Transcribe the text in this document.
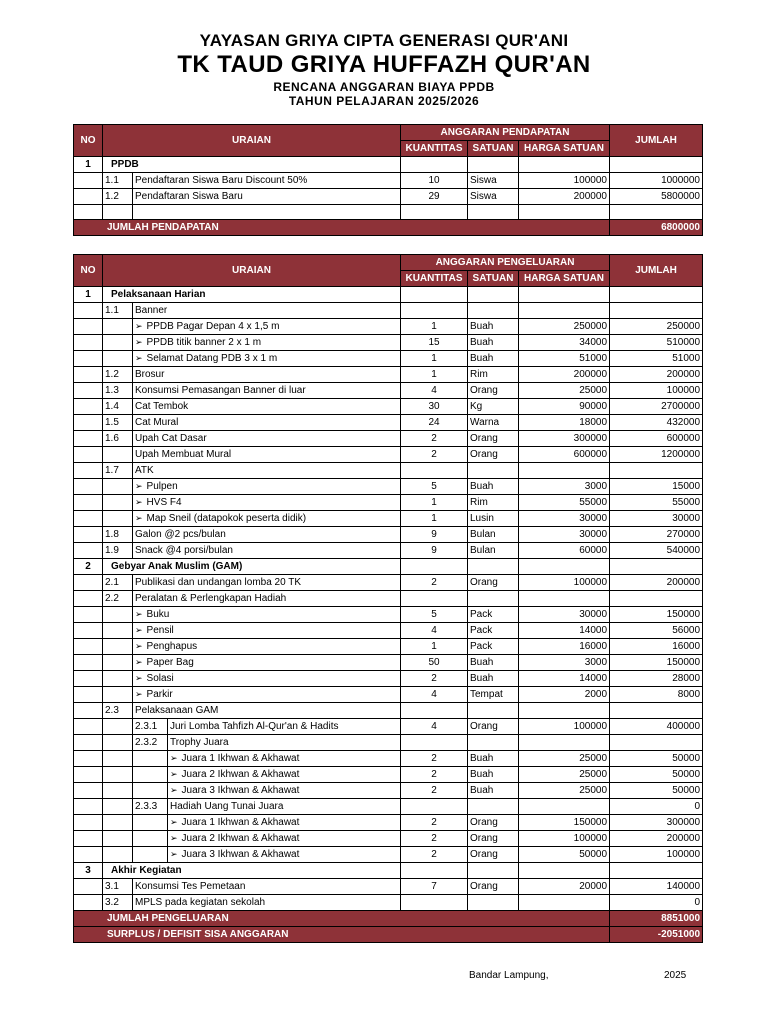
YAYASAN GRIYA CIPTA GENERASI QUR'ANI
TK TAUD GRIYA HUFFAZH QUR'AN
RENCANA ANGGARAN BIAYA PPDB
TAHUN PELAJARAN 2025/2026
NO	URAIAN		ANGGARAN PENDAPATAN			JUMLAH
			KUANTITAS	SATUAN	HARGA SATUAN	
1	PPDB					
	1.1	Pendaftaran Siswa Baru Discount 50%	10	Siswa	100000	1000000
	1.2	Pendaftaran Siswa Baru	29	Siswa	200000	5800000

JUMLAH PENDAPATAN						6800000
NO	URAIAN			ANGGARAN PENGELUARAN			JUMLAH
				KUANTITAS	SATUAN	HARGA SATUAN	
1	Pelaksanaan Harian						
	1.1	Banner					
		➢ PPDB Pagar Depan 4 x 1,5 m		1	Buah	250000	250000
		➢ PPDB titik banner 2 x 1 m		15	Buah	34000	510000
		➢ Selamat Datang PDB 3 x 1 m		1	Buah	51000	51000
	1.2	Brosur		1	Rim	200000	200000
	1.3	Konsumsi Pemasangan Banner di luar		4	Orang	25000	100000
	1.4	Cat Tembok		30	Kg	90000	2700000
	1.5	Cat Mural		24	Warna	18000	432000
	1.6	Upah Cat Dasar		2	Orang	300000	600000
		Upah Membuat Mural		2	Orang	600000	1200000
	1.7	ATK					
		➢ Pulpen		5	Buah	3000	15000
		➢ HVS F4		1	Rim	55000	55000
		➢ Map Sneil (datapokok peserta didik)		1	Lusin	30000	30000
	1.8	Galon @2 pcs/bulan		9	Bulan	30000	270000
	1.9	Snack @4 porsi/bulan		9	Bulan	60000	540000
2	Gebyar Anak Muslim (GAM)						
	2.1	Publikasi dan undangan lomba 20 TK		2	Orang	100000	200000
	2.2	Peralatan & Perlengkapan Hadiah					
		➢ Buku		5	Pack	30000	150000
		➢ Pensil		4	Pack	14000	56000
		➢ Penghapus		1	Pack	16000	16000
		➢ Paper Bag		50	Buah	3000	150000
		➢ Solasi		2	Buah	14000	28000
		➢ Parkir		4	Tempat	2000	8000
	2.3	Pelaksanaan GAM					
		2.3.1	Juri Lomba Tahfizh Al-Qur'an & Hadits	4	Orang	100000	400000
		2.3.2	Trophy Juara				
			➢ Juara 1 Ikhwan & Akhawat	2	Buah	25000	50000
			➢ Juara 2 Ikhwan & Akhawat	2	Buah	25000	50000
			➢ Juara 3 Ikhwan & Akhawat	2	Buah	25000	50000
		2.3.3	Hadiah Uang Tunai Juara				0
			➢ Juara 1 Ikhwan & Akhawat	2	Orang	150000	300000
			➢ Juara 2 Ikhwan & Akhawat	2	Orang	100000	200000
			➢ Juara 3 Ikhwan & Akhawat	2	Orang	50000	100000
3	Akhir Kegiatan						
	3.1	Konsumsi Tes Pemetaan		7	Orang	20000	140000
	3.2	MPLS pada kegiatan sekolah					0
JUMLAH PENGELUARAN							8851000
SURPLUS / DEFISIT SISA ANGGARAN							-2051000
Bandar Lampung,	2025
